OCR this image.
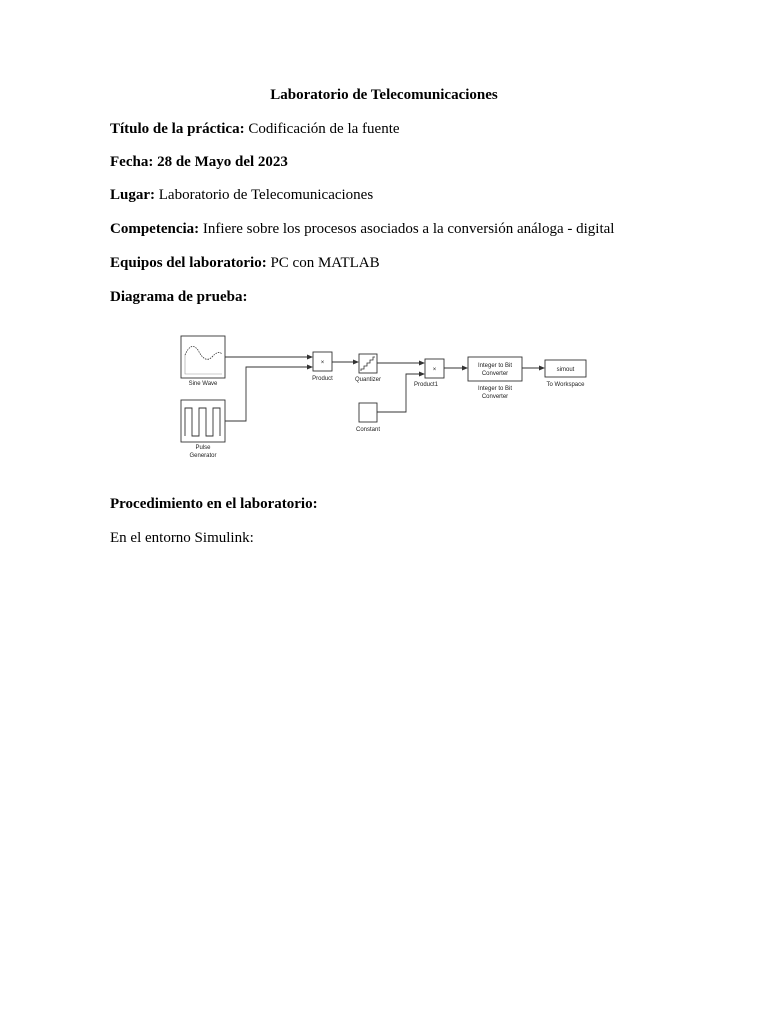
Laboratorio de Telecomunicaciones
Título de la práctica: Codificación de la fuente
Fecha: 28 de Mayo del 2023
Lugar: Laboratorio de Telecomunicaciones
Competencia: Infiere sobre los procesos asociados a la conversión análoga - digital
Equipos del laboratorio: PC con MATLAB
Diagrama de prueba:
Sine Wave
Pulse
Generator
×
Product	Quantizer
Constant
×
Product1
Integer to Bit
Converter
Integer to Bit
Converter
simout
To Workspace
Procedimiento en el laboratorio:
En el entorno Simulink:
